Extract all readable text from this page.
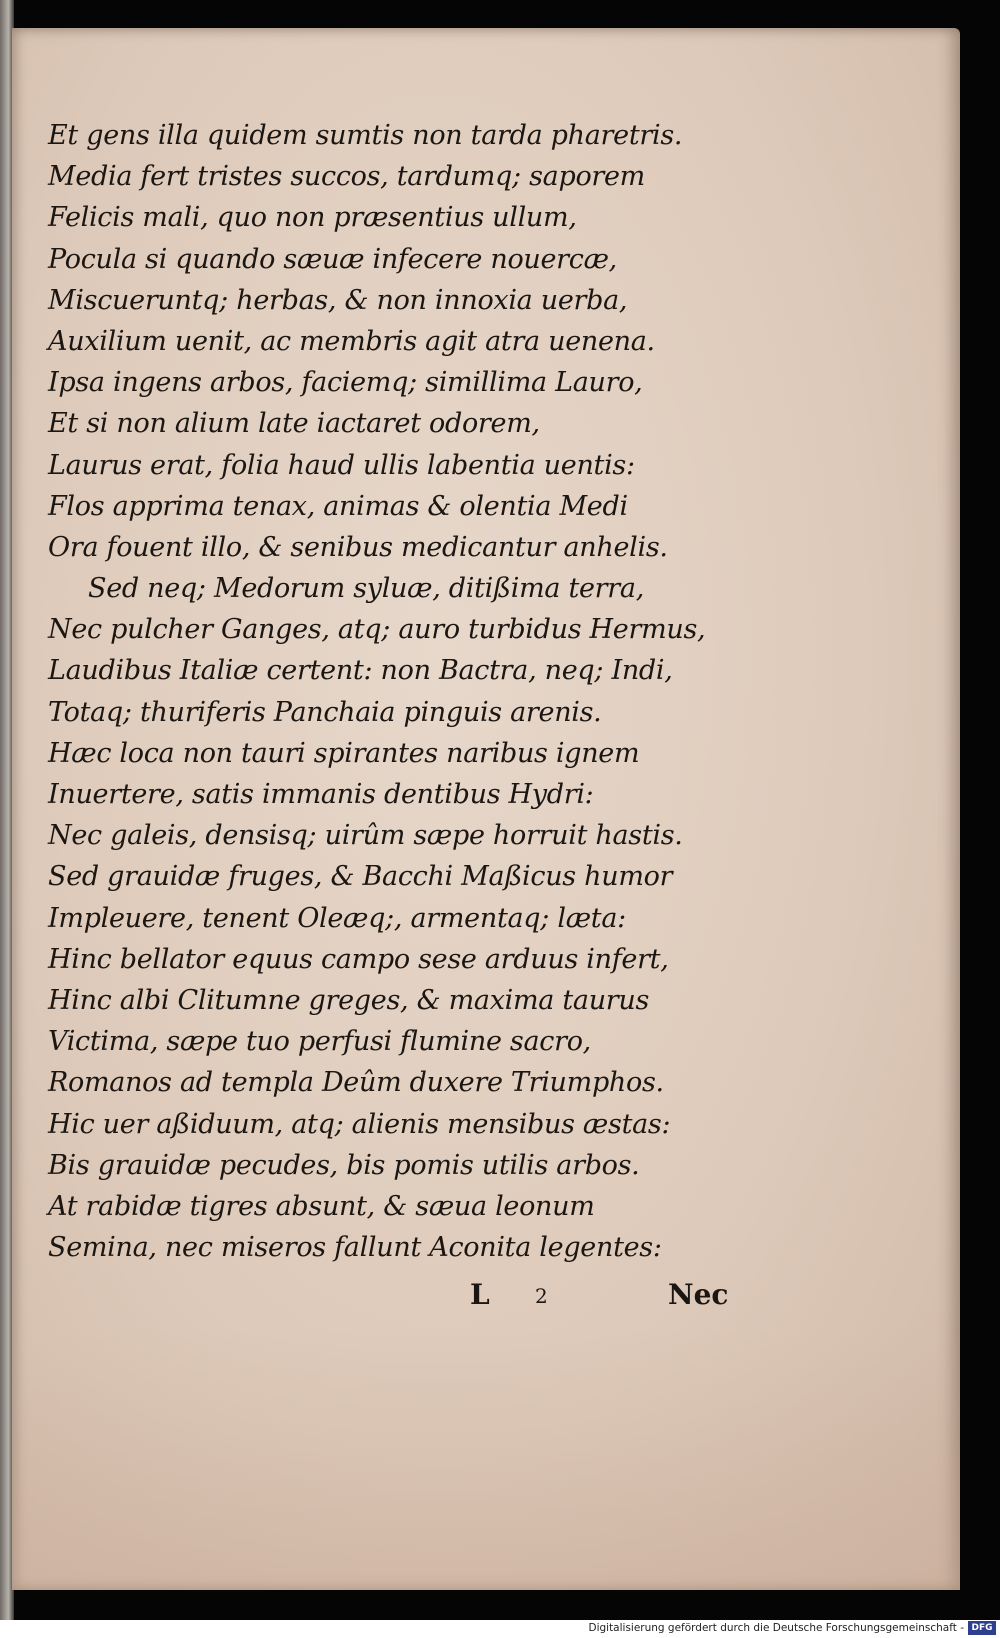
Et gens illa quidem sumtis non tarda pharetris.
Media fert tristes succos, tardumq; saporem
Felicis mali, quo non præsentius ullum,
Pocula si quando sæuæ infecere nouercæ,
Miscueruntq; herbas, & non innoxia uerba,
Auxilium uenit, ac membris agit atra uenena.
Ipsa ingens arbos, faciemq; simillima Lauro,
Et si non alium late iactaret odorem,
Laurus erat, folia haud ullis labentia uentis:
Flos apprima tenax, animas & olentia Medi
Ora fouent illo, & senibus medicantur anhelis.
Sed neq; Medorum syluæ, ditißima terra,
Nec pulcher Ganges, atq; auro turbidus Hermus,
Laudibus Italiæ certent: non Bactra, neq; Indi,
Totaq; thuriferis Panchaia pinguis arenis.
Hæc loca non tauri spirantes naribus ignem
Inuertere, satis immanis dentibus Hydri:
Nec galeis, densisq; uirûm sæpe horruit hastis.
Sed grauidæ fruges, & Bacchi Maßicus humor
Impleuere, tenent Oleæq;, armentaq; læta:
Hinc bellator equus campo sese arduus infert,
Hinc albi Clitumne greges, & maxima taurus
Victima, sæpe tuo perfusi flumine sacro,
Romanos ad templa Deûm duxere Triumphos.
Hic uer aßiduum, atq; alienis mensibus æstas:
Bis grauidæ pecudes, bis pomis utilis arbos.
At rabidæ tigres absunt, & sæua leonum
Semina, nec miseros fallunt Aconita legentes:
L 2	Nec
Digitalisierung gefördert durch die Deutsche Forschungsgemeinschaft - DFG
